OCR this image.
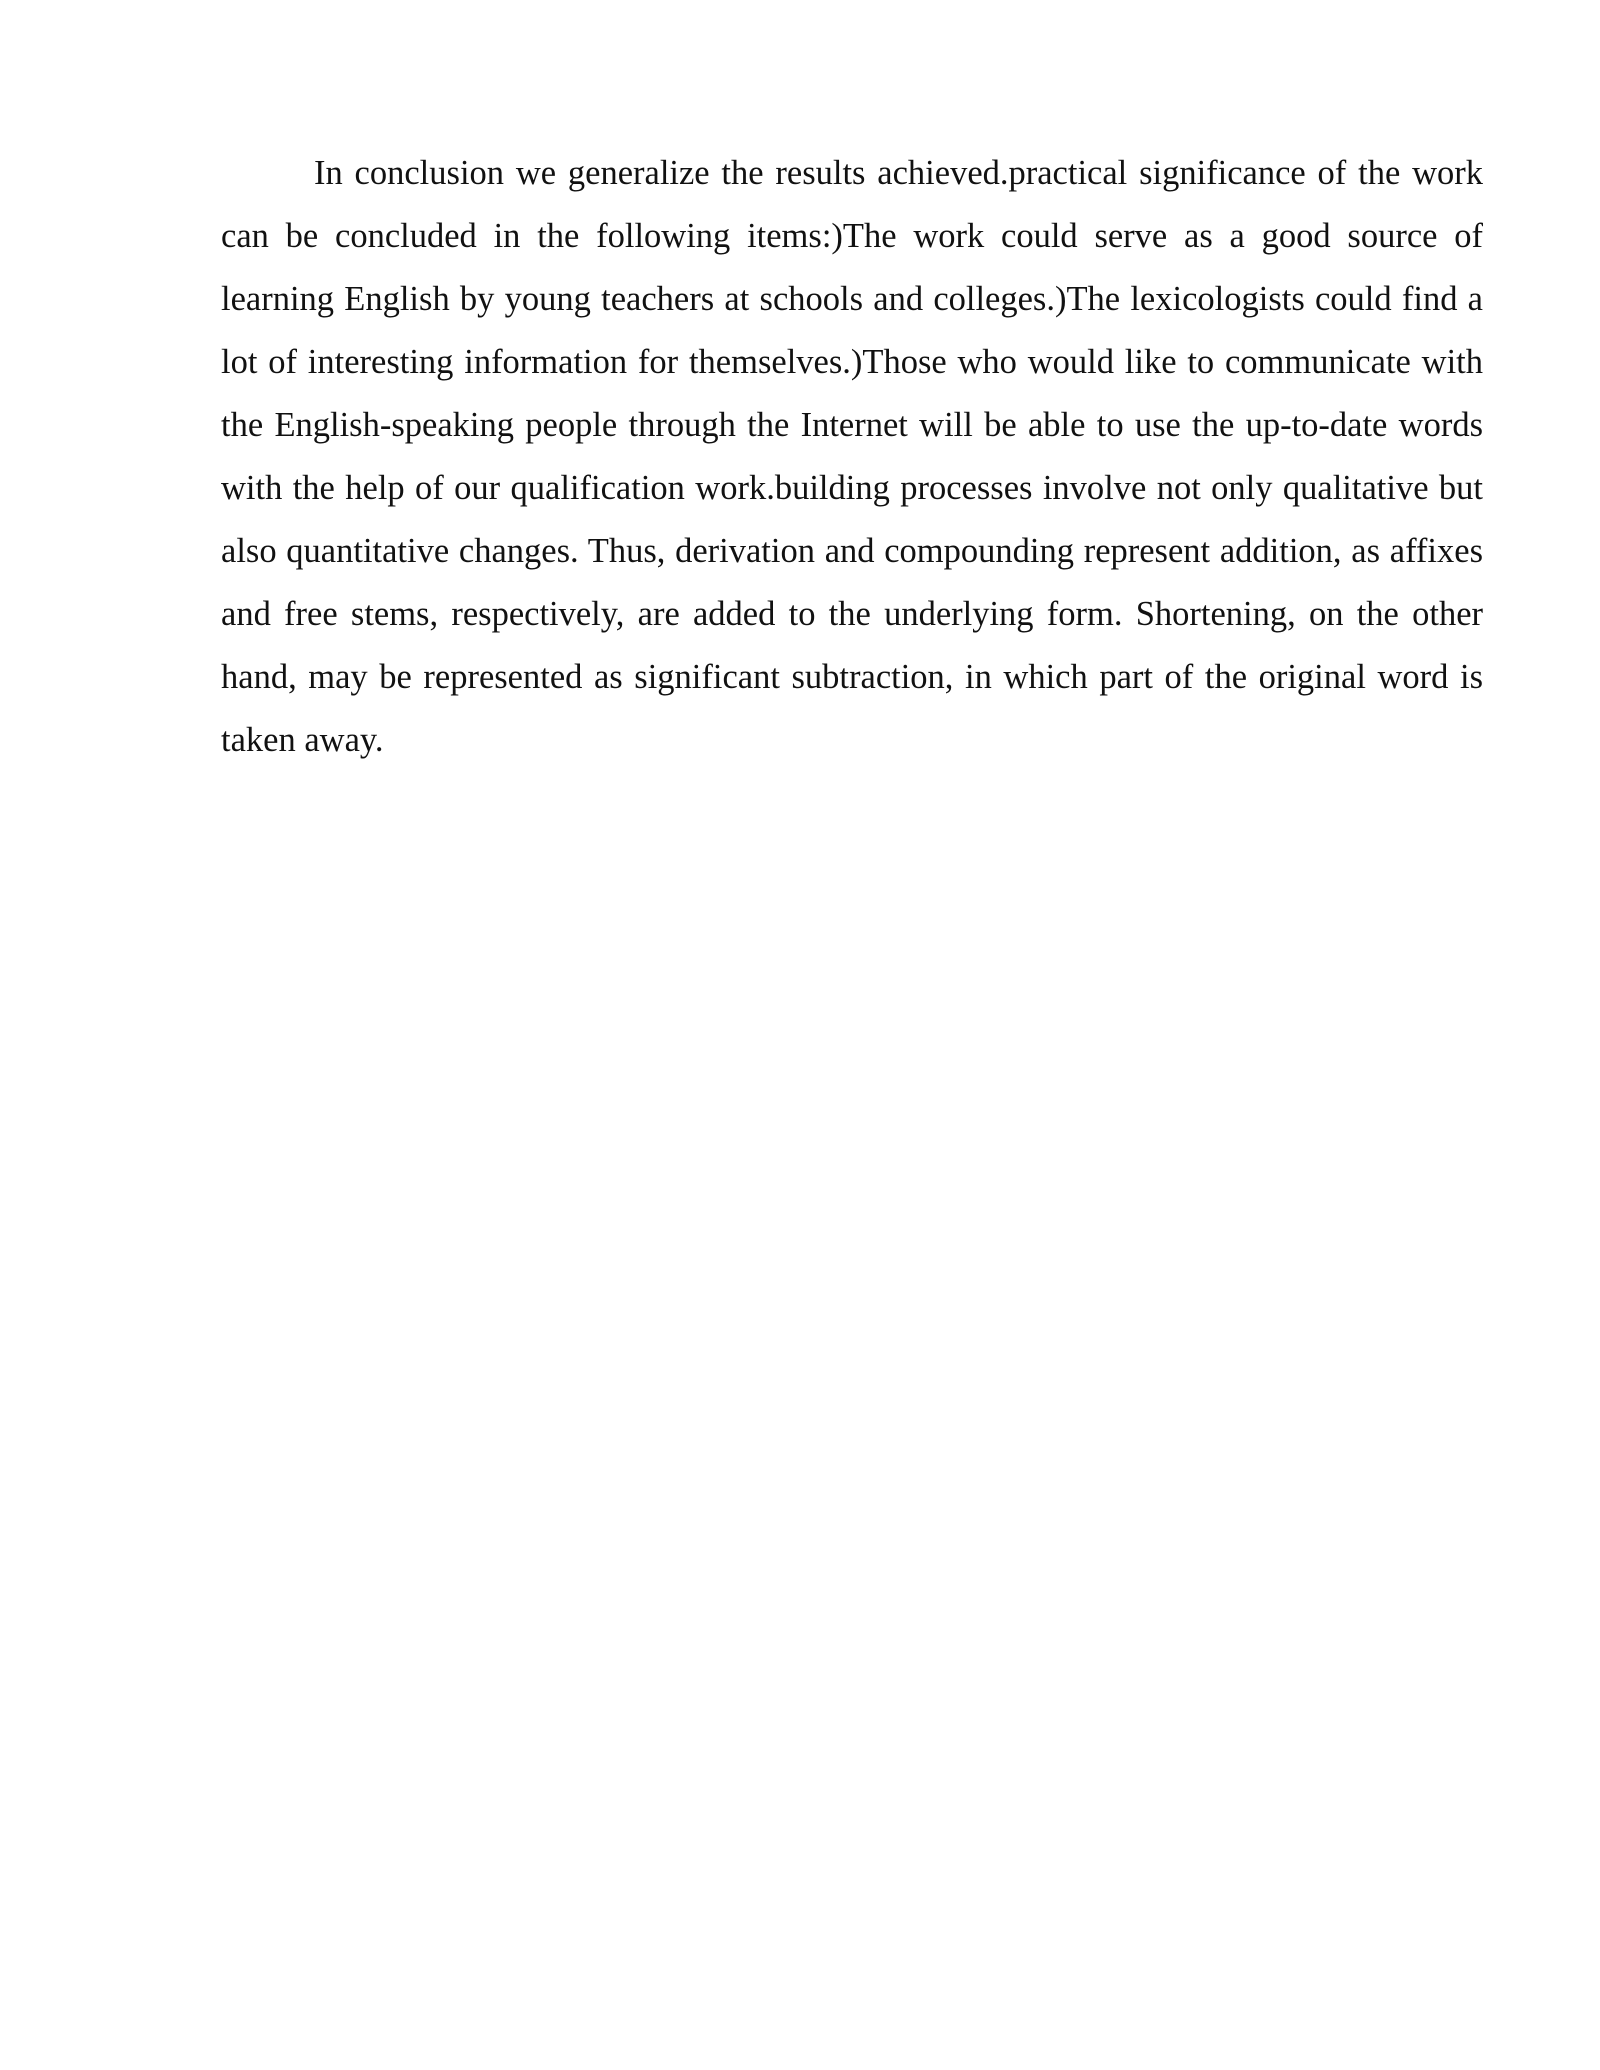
In conclusion we generalize the results achieved.practical significance of the work can be concluded in the following items:)The work could serve as a good source of learning English by young teachers at schools and colleges.)The lexicologists could find a lot of interesting information for themselves.)Those who would like to communicate with the English-speaking people through the Internet will be able to use the up-to-date words with the help of our qualification work.building processes involve not only qualitative but also quantitative changes. Thus, derivation and compounding represent addition, as affixes and free stems, respectively, are added to the underlying form. Shortening, on the other hand, may be represented as significant subtraction, in which part of the original word is taken away.
